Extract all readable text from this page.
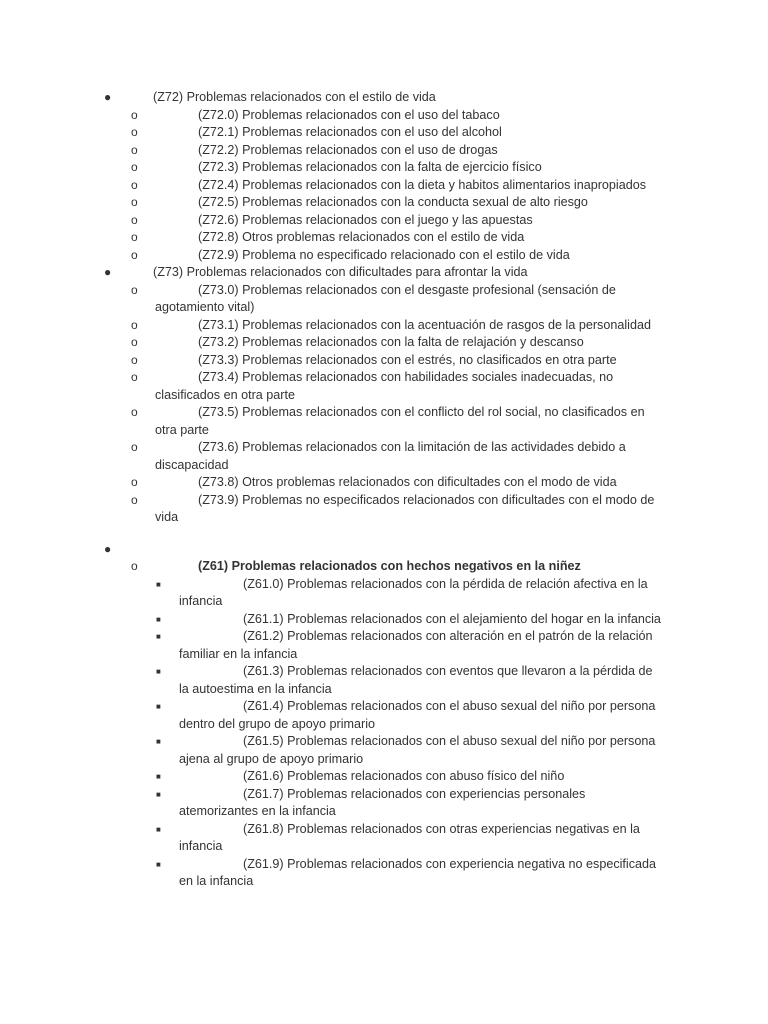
●	(Z72) Problemas relacionados con el estilo de vida
o	(Z72.0) Problemas relacionados con el uso del tabaco
o	(Z72.1) Problemas relacionados con el uso del alcohol
o	(Z72.2) Problemas relacionados con el uso de drogas
o	(Z72.3) Problemas relacionados con la falta de ejercicio físico
o	(Z72.4) Problemas relacionados con la dieta y habitos alimentarios inapropiados
o	(Z72.5) Problemas relacionados con la conducta sexual de alto riesgo
o	(Z72.6) Problemas relacionados con el juego y las apuestas
o	(Z72.8) Otros problemas relacionados con el estilo de vida
o	(Z72.9) Problema no especificado relacionado con el estilo de vida
●	(Z73) Problemas relacionados con dificultades para afrontar la vida
o	(Z73.0) Problemas relacionados con el desgaste profesional (sensación de agotamiento vital)
o	(Z73.1) Problemas relacionados con la acentuación de rasgos de la personalidad
o	(Z73.2) Problemas relacionados con la falta de relajación y descanso
o	(Z73.3) Problemas relacionados con el estrés, no clasificados en otra parte
o	(Z73.4) Problemas relacionados con habilidades sociales inadecuadas, no clasificados en otra parte
o	(Z73.5) Problemas relacionados con el conflicto del rol social, no clasificados en otra parte
o	(Z73.6) Problemas relacionados con la limitación de las actividades debido a discapacidad
o	(Z73.8) Otros problemas relacionados con dificultades con el modo de vida
o	(Z73.9) Problemas no especificados relacionados con dificultades con el modo de vida
●
o	(Z61) Problemas relacionados con hechos negativos en la niñez
■	(Z61.0) Problemas relacionados con la pérdida de relación afectiva en la infancia
■	(Z61.1) Problemas relacionados con el alejamiento del hogar en la infancia
■	(Z61.2) Problemas relacionados con alteración en el patrón de la relación familiar en la infancia
■	(Z61.3) Problemas relacionados con eventos que llevaron a la pérdida de la autoestima en la infancia
■	(Z61.4) Problemas relacionados con el abuso sexual del niño por persona dentro del grupo de apoyo primario
■	(Z61.5) Problemas relacionados con el abuso sexual del niño por persona ajena al grupo de apoyo primario
■	(Z61.6) Problemas relacionados con abuso físico del niño
■	(Z61.7) Problemas relacionados con experiencias personales atemorizantes en la infancia
■	(Z61.8) Problemas relacionados con otras experiencias negativas en la infancia
■	(Z61.9) Problemas relacionados con experiencia negativa no especificada en la infancia
